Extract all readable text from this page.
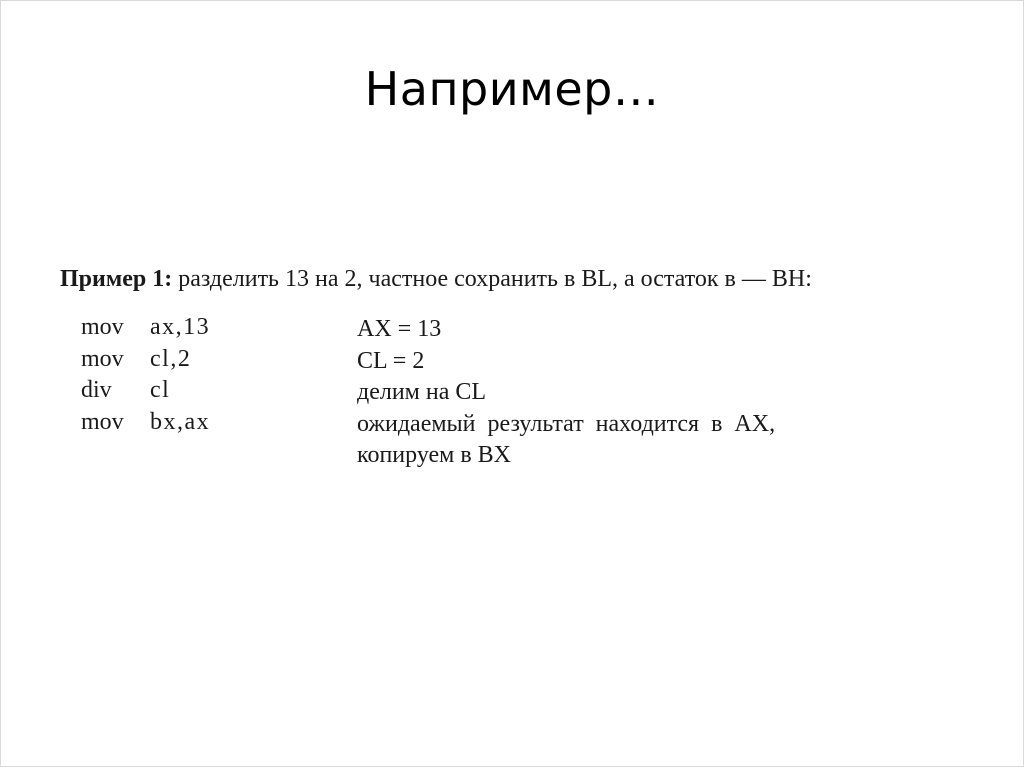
Например…
Пример 1: разделить 13 на 2, частное сохранить в BL, а остаток в — BH:
mov ax,13
mov cl,2
div cl
mov bx,ax
AX = 13
CL = 2
делим на CL
ожидаемый результат находится в AX,
копируем в BX
